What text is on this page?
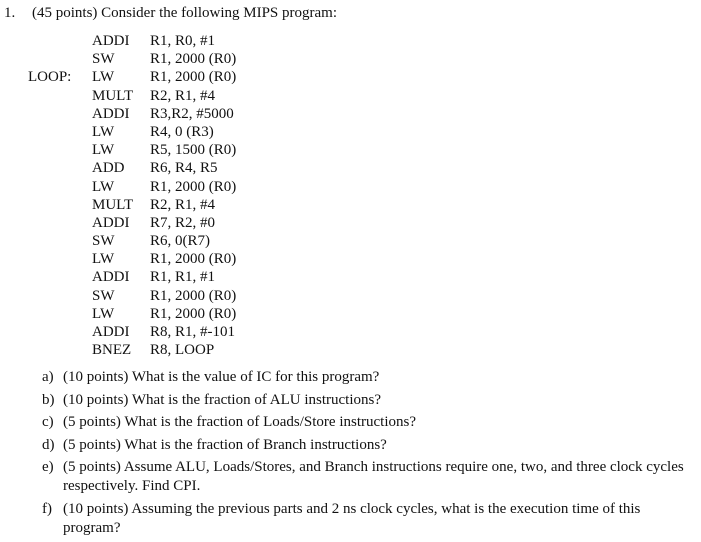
1. (45 points) Consider the following MIPS program:
ADDI R1, R0, #1
SW R1, 2000 (R0)
LOOP: LW R1, 2000 (R0)
MULT R2, R1, #4
ADDI R3,R2, #5000
LW R4, 0 (R3)
LW R5, 1500 (R0)
ADD R6, R4, R5
LW R1, 2000 (R0)
MULT R2, R1, #4
ADDI R7, R2, #0
SW R6, 0(R7)
LW R1, 2000 (R0)
ADDI R1, R1, #1
SW R1, 2000 (R0)
LW R1, 2000 (R0)
ADDI R8, R1, #-101
BNEZ R8, LOOP
a) (10 points) What is the value of IC for this program?
b) (10 points) What is the fraction of ALU instructions?
c) (5 points) What is the fraction of Loads/Store instructions?
d) (5 points) What is the fraction of Branch instructions?
e) (5 points) Assume ALU, Loads/Stores, and Branch instructions require one, two, and three clock cycles respectively. Find CPI.
f) (10 points) Assuming the previous parts and 2 ns clock cycles, what is the execution time of this program?
